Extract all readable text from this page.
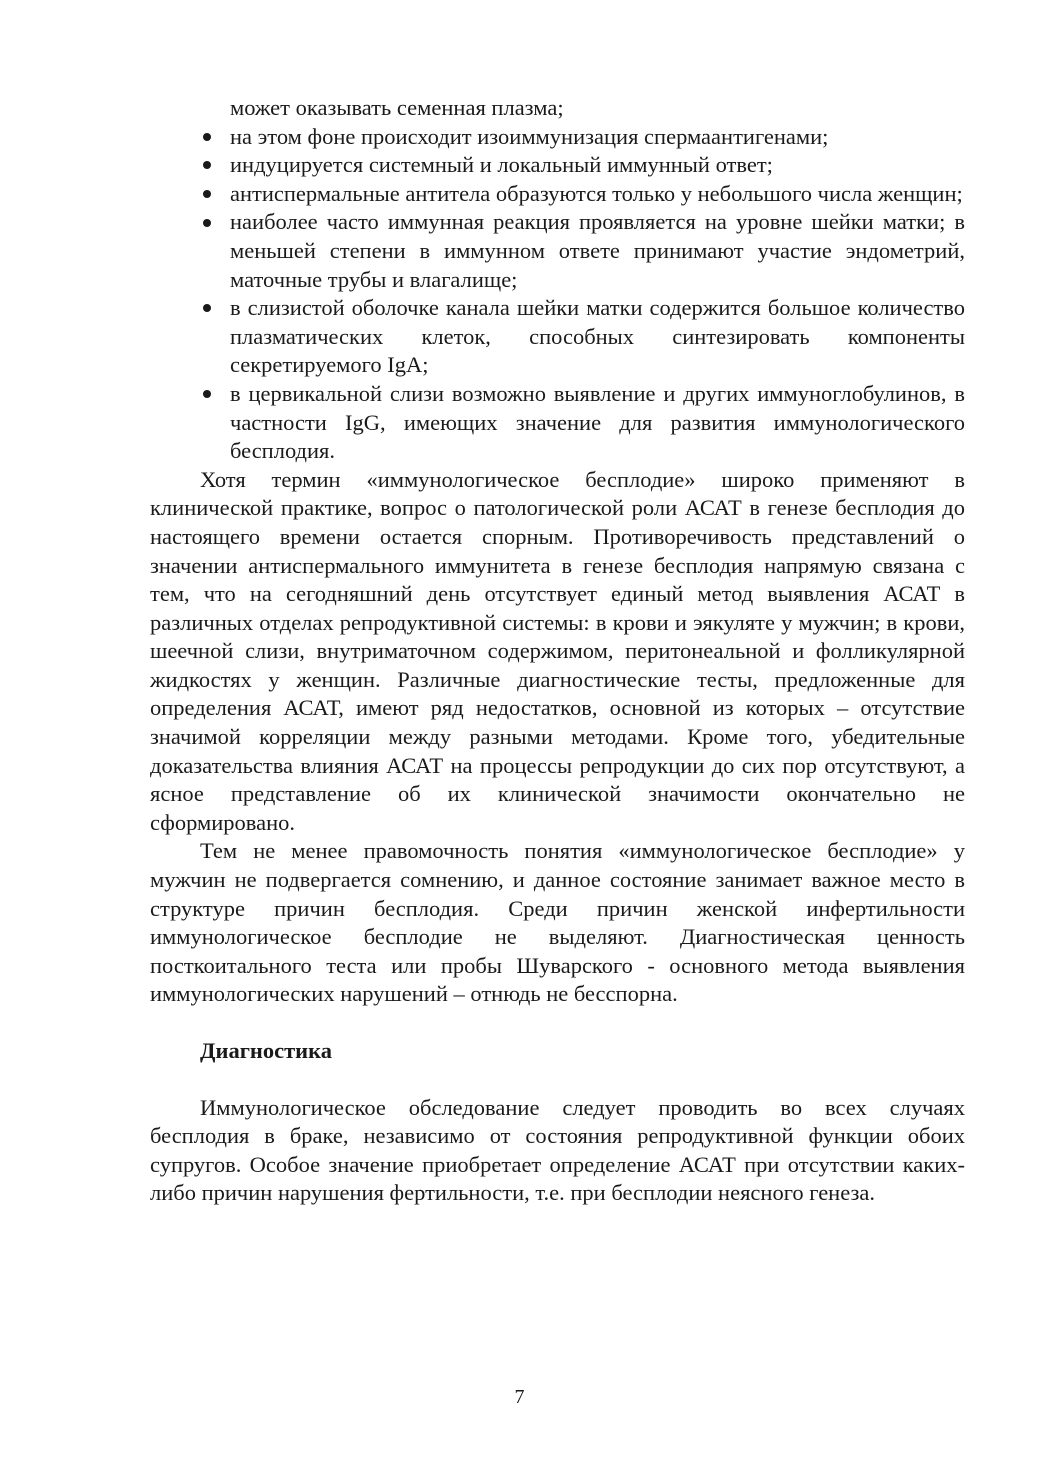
может оказывать семенная плазма;
на этом фоне происходит изоиммунизация спермаантигенами;
индуцируется системный и локальный иммунный ответ;
антиспермальные антитела образуются только у небольшого числа женщин;
наиболее часто иммунная реакция проявляется на уровне шейки матки; в меньшей степени в иммунном ответе принимают участие эндометрий, маточные трубы и влагалище;
в слизистой оболочке канала шейки матки содержится большое количество плазматических клеток, способных синтезировать компоненты секретируемого IgA;
в цервикальной слизи возможно выявление и других иммуноглобулинов, в частности IgG, имеющих значение для развития иммунологического бесплодия.

Хотя термин «иммунологическое бесплодие» широко применяют в клинической практике, вопрос о патологической роли АСАТ в генезе бесплодия до настоящего времени остается спорным. Противоречивость представлений о значении антиспермального иммунитета в генезе бесплодия напрямую связана с тем, что на сегодняшний день отсутствует единый метод выявления АСАТ в различных отделах репродуктивной системы: в крови и эякуляте у мужчин; в крови, шеечной слизи, внутриматочном содержимом, перитонеальной и фолликулярной жидкостях у женщин. Различные диагностические тесты, предложенные для определения АСАТ, имеют ряд недостатков, основной из которых – отсутствие значимой корреляции между разными методами. Кроме того, убедительные доказательства влияния АСАТ на процессы репродукции до сих пор отсутствуют, а ясное представление об их клинической значимости окончательно не сформировано.

Тем не менее правомочность понятия «иммунологическое бесплодие» у мужчин не подвергается сомнению, и данное состояние занимает важное место в структуре причин бесплодия. Среди причин женской инфертильности иммунологическое бесплодие не выделяют. Диагностическая ценность посткоитального теста или пробы Шуварского - основного метода выявления иммунологических нарушений – отнюдь не бесспорна.

Диагностика

Иммунологическое обследование следует проводить во всех случаях бесплодия в браке, независимо от состояния репродуктивной функции обоих супругов. Особое значение приобретает определение АСАТ при отсутствии каких-либо причин нарушения фертильности, т.е. при бесплодии неясного генеза.

7
